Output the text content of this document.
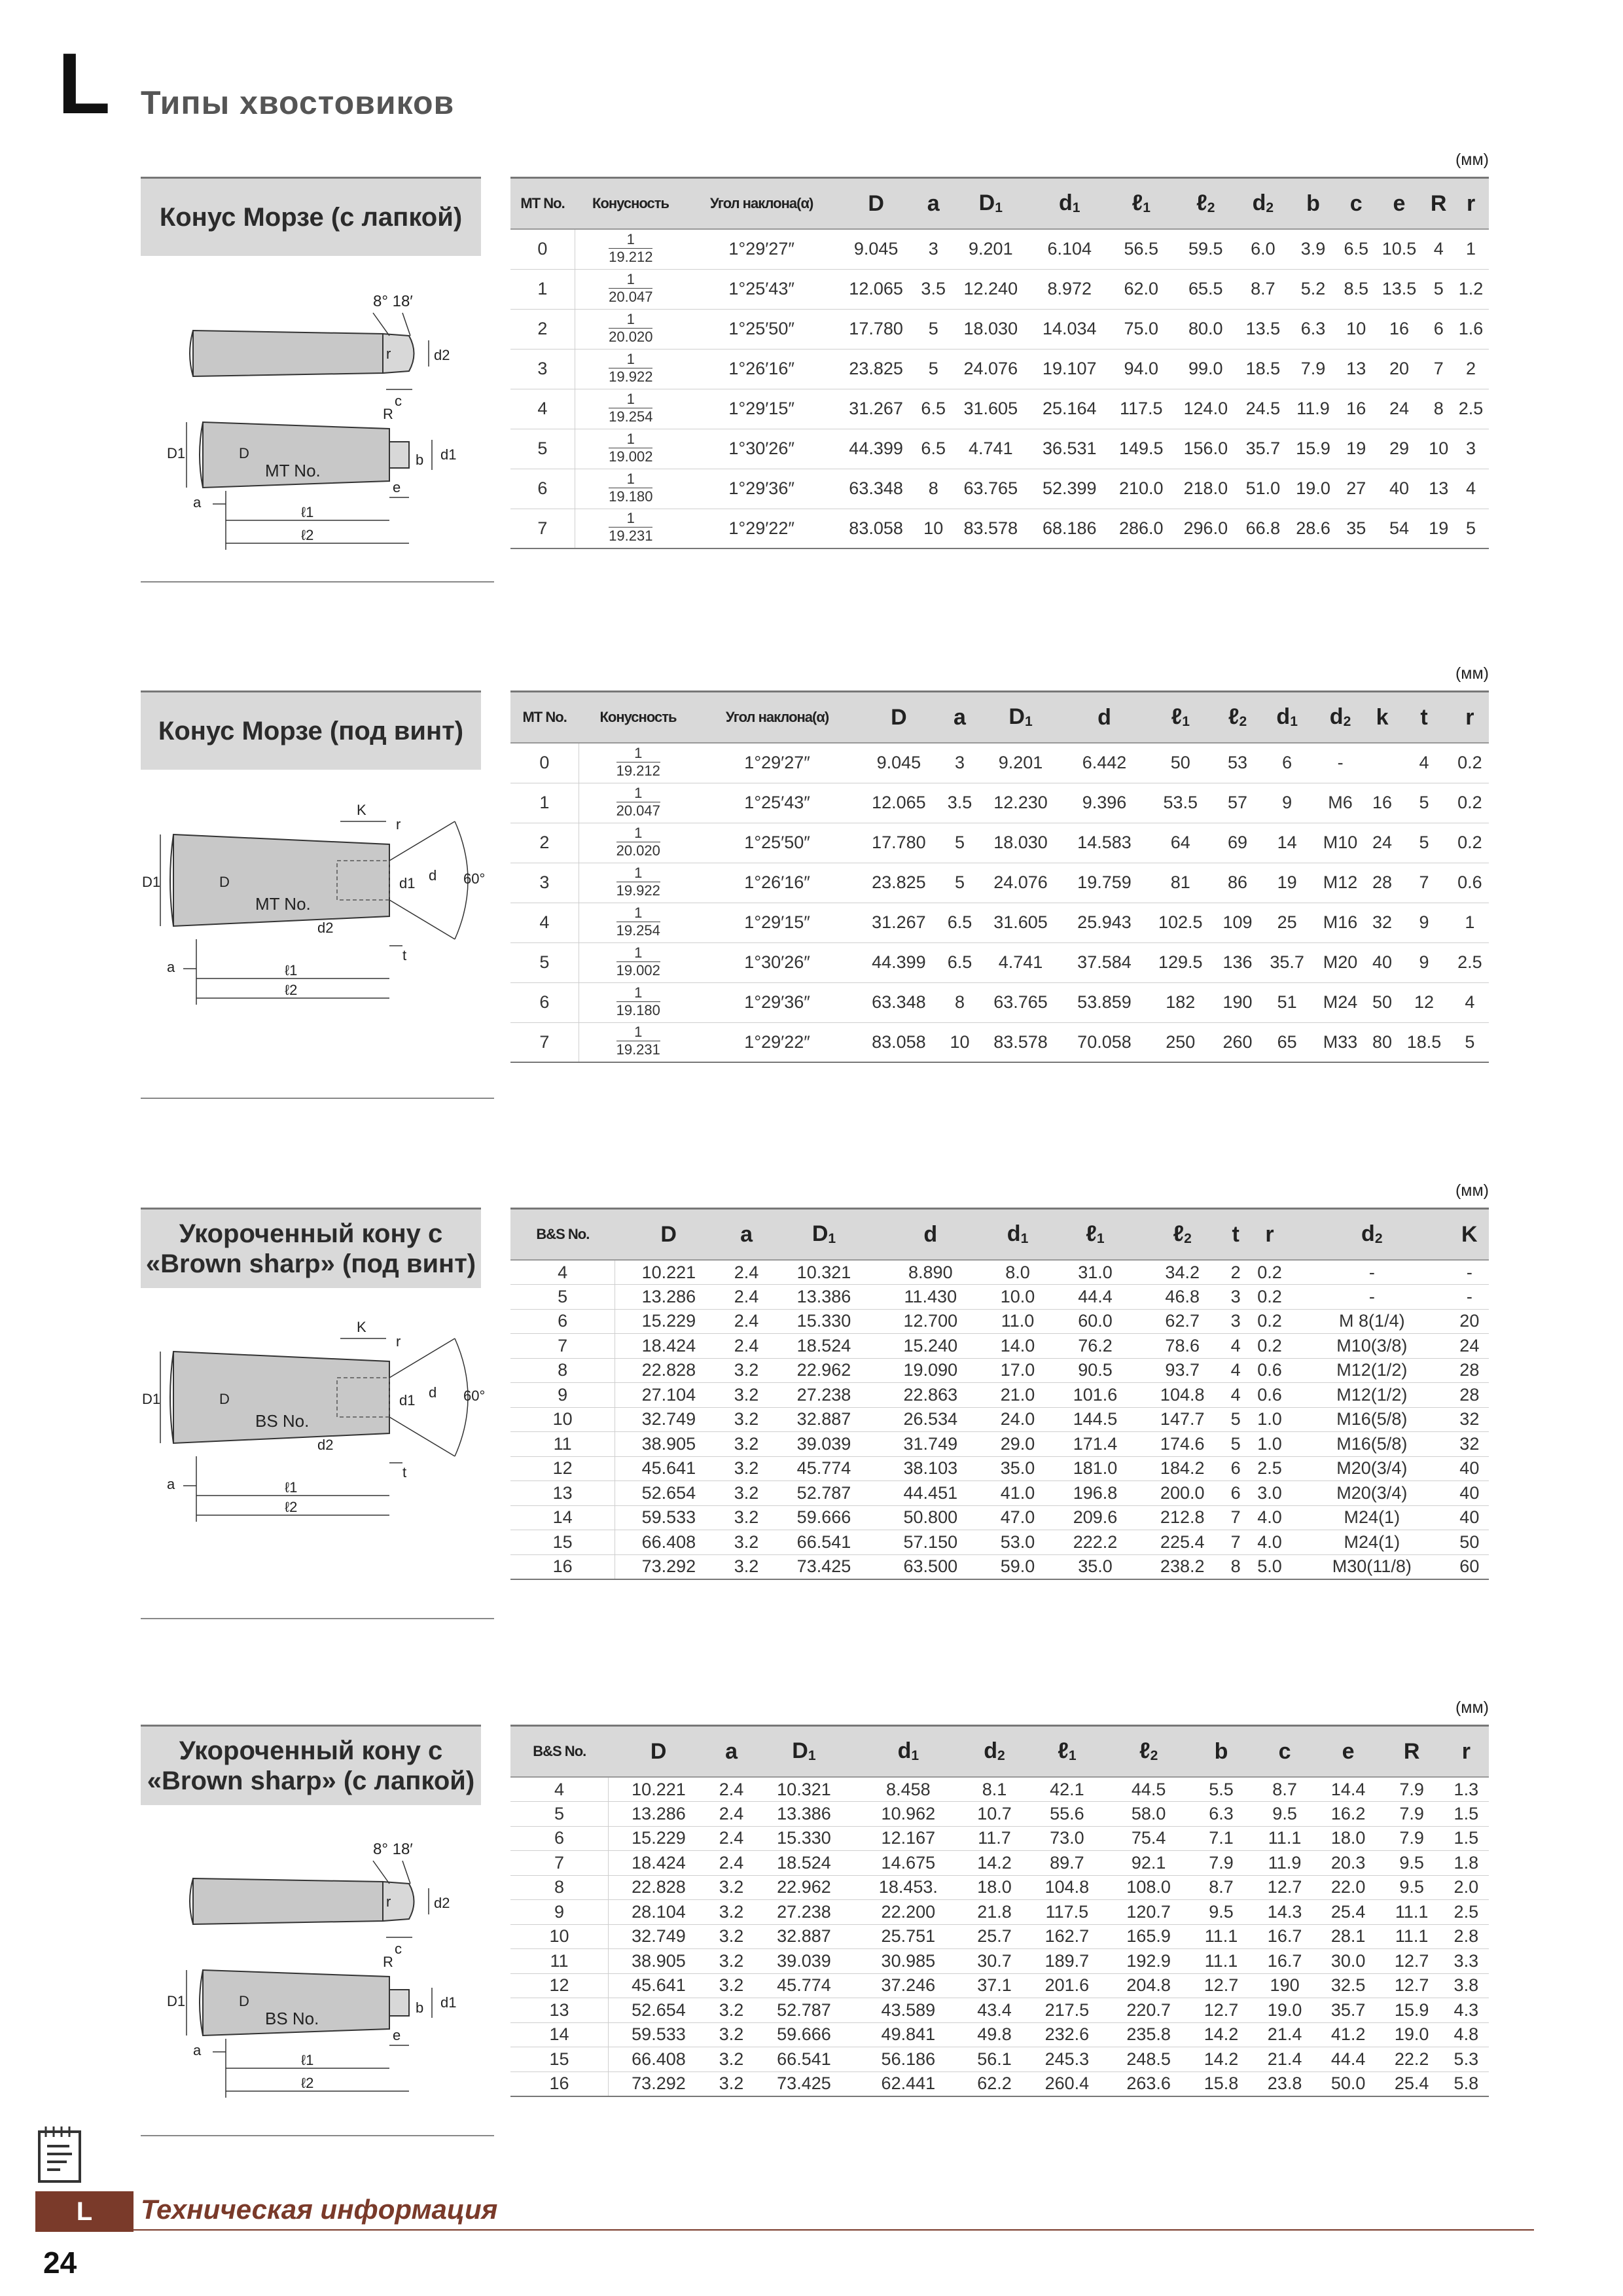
L Типы хвостовиков
(мм)
Конус Морзе (с лапкой)
8° 18′
r	d2
c
R
D1	D	b d1
MT No.
e
a
ℓ1
ℓ2
MT No.	Конусность	Угол наклона(α)	D	a	D1	d1	ℓ1	ℓ2	d2	b	c	e	R	r
0	$\frac{1}{19.212}$	1°29′27″	9.045	3	9.201	6.104	56.5	59.5	6.0	3.9	6.5	10.5	4	1
1	$\frac{1}{20.047}$	1°25′43″	12.065	3.5	12.240	8.972	62.0	65.5	8.7	5.2	8.5	13.5	5	1.2
2	$\frac{1}{20.020}$	1°25′50″	17.780	5	18.030	14.034	75.0	80.0	13.5	6.3	10	16	6	1.6
3	$\frac{1}{19.922}$	1°26′16″	23.825	5	24.076	19.107	94.0	99.0	18.5	7.9	13	20	7	2
4	$\frac{1}{19.254}$	1°29′15″	31.267	6.5	31.605	25.164	117.5	124.0	24.5	11.9	16	24	8	2.5
5	$\frac{1}{19.002}$	1°30′26″	44.399	6.5	4.741	36.531	149.5	156.0	35.7	15.9	19	29	10	3
6	$\frac{1}{19.180}$	1°29′36″	63.348	8	63.765	52.399	210.0	218.0	51.0	19.0	27	40	13	4
7	$\frac{1}{19.231}$	1°29′22″	83.058	10	83.578	68.186	286.0	296.0	66.8	28.6	35	54	19	5
(мм)
Конус Морзе (под винт)
K
r
D1	D	d1 d 60°
MT No.
d2
t
a	ℓ1
ℓ2
MT No.	Конусность	Угол наклона(α)	D	a	D1	d	ℓ1	ℓ2	d1	d2	k	t	r
0	$\frac{1}{19.212}$	1°29′27″	9.045	3	9.201	6.442	50	53	6	-		4	0.2
1	$\frac{1}{20.047}$	1°25′43″	12.065	3.5	12.230	9.396	53.5	57	9	M6	16	5	0.2
2	$\frac{1}{20.020}$	1°25′50″	17.780	5	18.030	14.583	64	69	14	M10	24	5	0.2
3	$\frac{1}{19.922}$	1°26′16″	23.825	5	24.076	19.759	81	86	19	M12	28	7	0.6
4	$\frac{1}{19.254}$	1°29′15″	31.267	6.5	31.605	25.943	102.5	109	25	M16	32	9	1
5	$\frac{1}{19.002}$	1°30′26″	44.399	6.5	4.741	37.584	129.5	136	35.7	M20	40	9	2.5
6	$\frac{1}{19.180}$	1°29′36″	63.348	8	63.765	53.859	182	190	51	M24	50	12	4
7	$\frac{1}{19.231}$	1°29′22″	83.058	10	83.578	70.058	250	260	65	M33	80	18.5	5
(мм)
Укороченный кону с «Brown sharp» (под винт)
K
r
D1	D	d1 d 60°
BS No.
d2
t
a	ℓ1
ℓ2
B&S No.	D	a	D1	d	d1	ℓ1	ℓ2	t	r	d2	K
4	10.221	2.4	10.321	8.890	8.0	31.0	34.2	2	0.2	-	-
5	13.286	2.4	13.386	11.430	10.0	44.4	46.8	3	0.2	-	-
6	15.229	2.4	15.330	12.700	11.0	60.0	62.7	3	0.2	M 8(1/4)	20
7	18.424	2.4	18.524	15.240	14.0	76.2	78.6	4	0.2	M10(3/8)	24
8	22.828	3.2	22.962	19.090	17.0	90.5	93.7	4	0.6	M12(1/2)	28
9	27.104	3.2	27.238	22.863	21.0	101.6	104.8	4	0.6	M12(1/2)	28
10	32.749	3.2	32.887	26.534	24.0	144.5	147.7	5	1.0	M16(5/8)	32
11	38.905	3.2	39.039	31.749	29.0	171.4	174.6	5	1.0	M16(5/8)	32
12	45.641	3.2	45.774	38.103	35.0	181.0	184.2	6	2.5	M20(3/4)	40
13	52.654	3.2	52.787	44.451	41.0	196.8	200.0	6	3.0	M20(3/4)	40
14	59.533	3.2	59.666	50.800	47.0	209.6	212.8	7	4.0	M24(1)	40
15	66.408	3.2	66.541	57.150	53.0	222.2	225.4	7	4.0	M24(1)	50
16	73.292	3.2	73.425	63.500	59.0	35.0	238.2	8	5.0	M30(11/8)	60
(мм)
Укороченный кону с «Brown sharp» (с лапкой)
8° 18′
r	d2
c
R
D1	D	b d1
BS No.
e
a
ℓ1
ℓ2
B&S No.	D	a	D1	d1	d2	ℓ1	ℓ2	b	c	e	R	r
4	10.221	2.4	10.321	8.458	8.1	42.1	44.5	5.5	8.7	14.4	7.9	1.3
5	13.286	2.4	13.386	10.962	10.7	55.6	58.0	6.3	9.5	16.2	7.9	1.5
6	15.229	2.4	15.330	12.167	11.7	73.0	75.4	7.1	11.1	18.0	7.9	1.5
7	18.424	2.4	18.524	14.675	14.2	89.7	92.1	7.9	11.9	20.3	9.5	1.8
8	22.828	3.2	22.962	18.453.	18.0	104.8	108.0	8.7	12.7	22.0	9.5	2.0
9	28.104	3.2	27.238	22.200	21.8	117.5	120.7	9.5	14.3	25.4	11.1	2.5
10	32.749	3.2	32.887	25.751	25.7	162.7	165.9	11.1	16.7	28.1	11.1	2.8
11	38.905	3.2	39.039	30.985	30.7	189.7	192.9	11.1	16.7	30.0	12.7	3.3
12	45.641	3.2	45.774	37.246	37.1	201.6	204.8	12.7	190	32.5	12.7	3.8
13	52.654	3.2	52.787	43.589	43.4	217.5	220.7	12.7	19.0	35.7	15.9	4.3
14	59.533	3.2	59.666	49.841	49.8	232.6	235.8	14.2	21.4	41.2	19.0	4.8
15	66.408	3.2	66.541	56.186	56.1	245.3	248.5	14.2	21.4	44.4	22.2	5.3
16	73.292	3.2	73.425	62.441	62.2	260.4	263.6	15.8	23.8	50.0	25.4	5.8
L	Техническая информация
24
